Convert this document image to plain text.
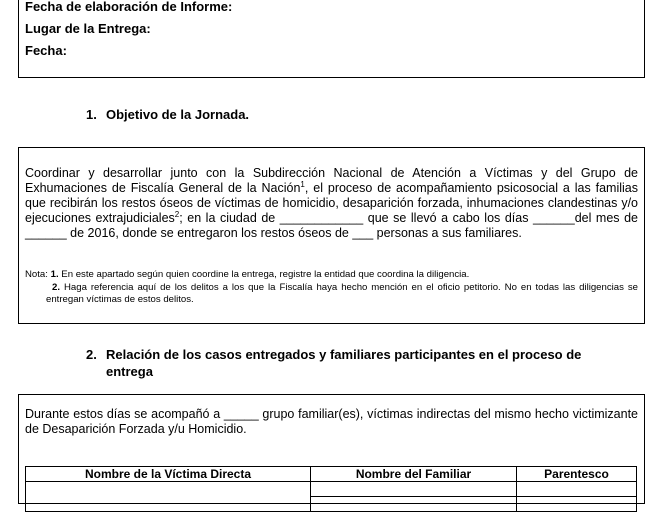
Fecha de elaboración de Informe:
Lugar de la Entrega:
Fecha:
1. Objetivo de la Jornada.
Coordinar y desarrollar junto con la Subdirección Nacional de Atención a Víctimas y del Grupo de Exhumaciones de Fiscalía General de la Nación$^1$, el proceso de acompañamiento psicosocial a las familias que recibirán los restos óseos de víctimas de homicidio, desaparición forzada, inhumaciones clandestinas y/o ejecuciones extrajudiciales$^2$; en la ciudad de ____________ que se llevó a cabo los días ______del mes de ______ de 2016, donde se entregaron los restos óseos de ___ personas a sus familiares.
Nota: 1. En este apartado según quien coordine la entrega, registre la entidad que coordina la diligencia.
2. Haga referencia aquí de los delitos a los que la Fiscalía haya hecho mención en el oficio petitorio. No en todas las diligencias se entregan víctimas de estos delitos.
2. Relación de los casos entregados y familiares participantes en el proceso de entrega
Durante estos días se acompañó a _____ grupo familiar(es), víctimas indirectas del mismo hecho victimizante de Desaparición Forzada y/u Homicidio.
Nombre de la Víctima Directa	Nombre del Familiar	Parentesco
